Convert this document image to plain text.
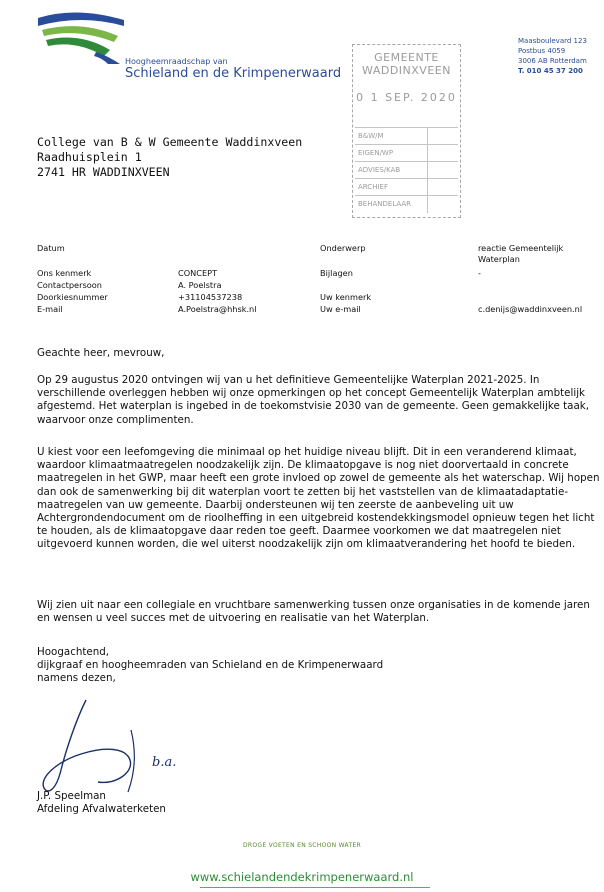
Hoogheemraadschap van
Schieland en de Krimpenerwaard
GEMEENTE
WADDINXVEEN
0 1 SEP. 2020
B&W/M
EIGEN/WP
ADVIES/KAB
ARCHIEF
BEHANDELAAR
Maasboulevard 123
Postbus 4059
3006 AB Rotterdam
T. 010 45 37 200
College van B & W Gemeente Waddinxveen
Raadhuisplein 1
2741 HR WADDINXVEEN
Datum	Onderwerp	reactie Gemeentelijk
Waterplan
Ons kenmerk	CONCEPT	Bijlagen	-
Contactpersoon	A. Poelstra
Doorkiesnummer	+31104537238	Uw kenmerk
E-mail	A.Poelstra@hhsk.nl	Uw e-mail	c.denijs@waddinxveen.nl
Geachte heer, mevrouw,
Op 29 augustus 2020 ontvingen wij van u het definitieve Gemeentelijke Waterplan 2021-2025. In verschillende overleggen hebben wij onze opmerkingen op het concept Gemeentelijk Waterplan ambtelijk afgestemd. Het waterplan is ingebed in de toekomstvisie 2030 van de gemeente. Geen gemakkelijke taak, waarvoor onze complimenten.
U kiest voor een leefomgeving die minimaal op het huidige niveau blijft. Dit in een veranderend klimaat, waardoor klimaatmaatregelen noodzakelijk zijn. De klimaatopgave is nog niet doorvertaald in concrete maatregelen in het GWP, maar heeft een grote invloed op zowel de gemeente als het waterschap. Wij hopen dan ook de samenwerking bij dit waterplan voort te zetten bij het vaststellen van de klimaatadaptatie-maatregelen van uw gemeente. Daarbij ondersteunen wij ten zeerste de aanbeveling uit uw Achtergrondendocument om de rioolheffing in een uitgebreid kostendekkingsmodel opnieuw tegen het licht te houden, als de klimaatopgave daar reden toe geeft. Daarmee voorkomen we dat maatregelen niet uitgevoerd kunnen worden, die wel uiterst noodzakelijk zijn om klimaatverandering het hoofd te bieden.
Wij zien uit naar een collegiale en vruchtbare samenwerking tussen onze organisaties in de komende jaren en wensen u veel succes met de uitvoering en realisatie van het Waterplan.
Hoogachtend,
dijkgraaf en hoogheemraden van Schieland en de Krimpenerwaard
namens dezen,
b.a.
J.P. Speelman
Afdeling Afvalwaterketen
DROGE VOETEN EN SCHOON WATER
www.schielandendekrimpenerwaard.nl
